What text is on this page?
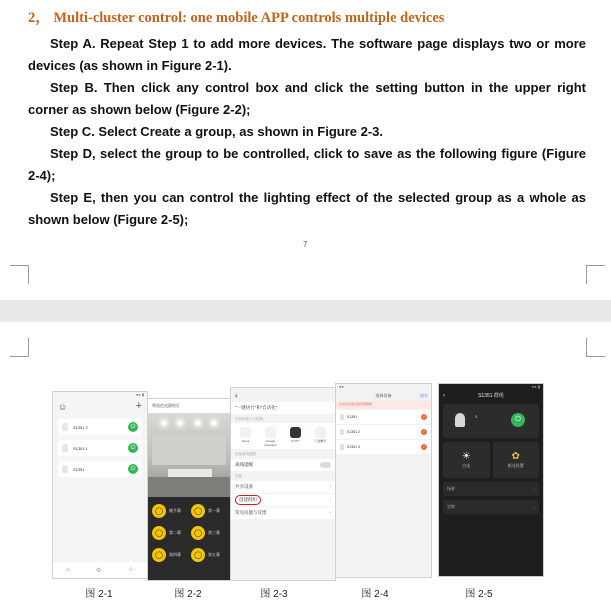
2， Multi-cluster control: one mobile APP controls multiple devices

Step A. Repeat Step 1 to add more devices. The software page displays two or more devices (as shown in Figure 2-1).

Step B. Then click any control box and click the setting button in the upper right corner as shown below (Figure 2-2);

Step C. Select Create a group, as shown in Figure 2-3.

Step D, select the group to be controlled, click to save as the following figure (Figure 2-4);

Step E, then you can control the lighting effect of the selected group as a whole as shown below (Figure 2-5);

7
●● ▮
☺	+
S1351 2	⏻
S1351 1	⏻
S1351	⏻
⌂	⚙	☺
图 2-1
带黑色光源的灯
◯	晓月幕	◯	第一幕
◯	第二幕	◯	第三幕
◯	第四幕	◯	第五幕
图 2-2
‹
"一键执行"和"自动化"	›
支持的第三方控制
Alexa	Google Assistant
IFTTT	天猫精灵
设备离线通知
离线提醒
其他
共享设备	›
创建群组	›
常见问题与反馈	›
图 2-3
●●
选择设备	保存
仅支持同类设备创建群组
S1351	✓
S1351 2	✓
S1351 3	✓
图 2-4
●● ▮
‹	S1351 群组
3	⏻
☀
白光
✿
彩光设置
场景	›
定时	›
图 2-5
